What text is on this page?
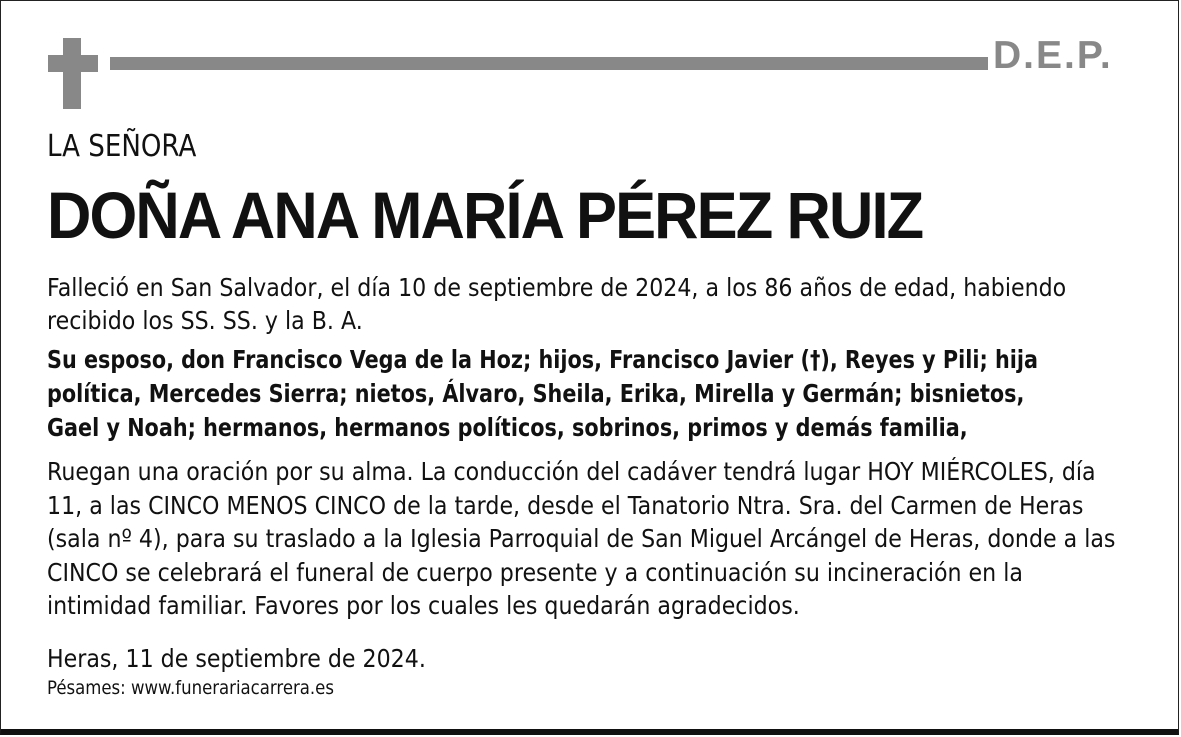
D.E.P.
LA SEÑORA
DOÑA ANA MARÍA PÉREZ RUIZ
Falleció en San Salvador, el día 10 de septiembre de 2024, a los 86 años de edad, habiendo recibido los SS. SS. y la B. A.
Su esposo, don Francisco Vega de la Hoz; hijos, Francisco Javier (†), Reyes y Pili; hija política, Mercedes Sierra; nietos, Álvaro, Sheila, Erika, Mirella y Germán; bisnietos, Gael y Noah; hermanos, hermanos políticos, sobrinos, primos y demás familia,
Ruegan una oración por su alma. La conducción del cadáver tendrá lugar HOY MIÉRCOLES, día 11, a las CINCO MENOS CINCO de la tarde, desde el Tanatorio Ntra. Sra. del Carmen de Heras (sala nº 4), para su traslado a la Iglesia Parroquial de San Miguel Arcángel de Heras, donde a las CINCO se celebrará el funeral de cuerpo presente y a continuación su incineración en la intimidad familiar. Favores por los cuales les quedarán agradecidos.
Heras, 11 de septiembre de 2024.
Pésames: www.funerariacarrera.es
